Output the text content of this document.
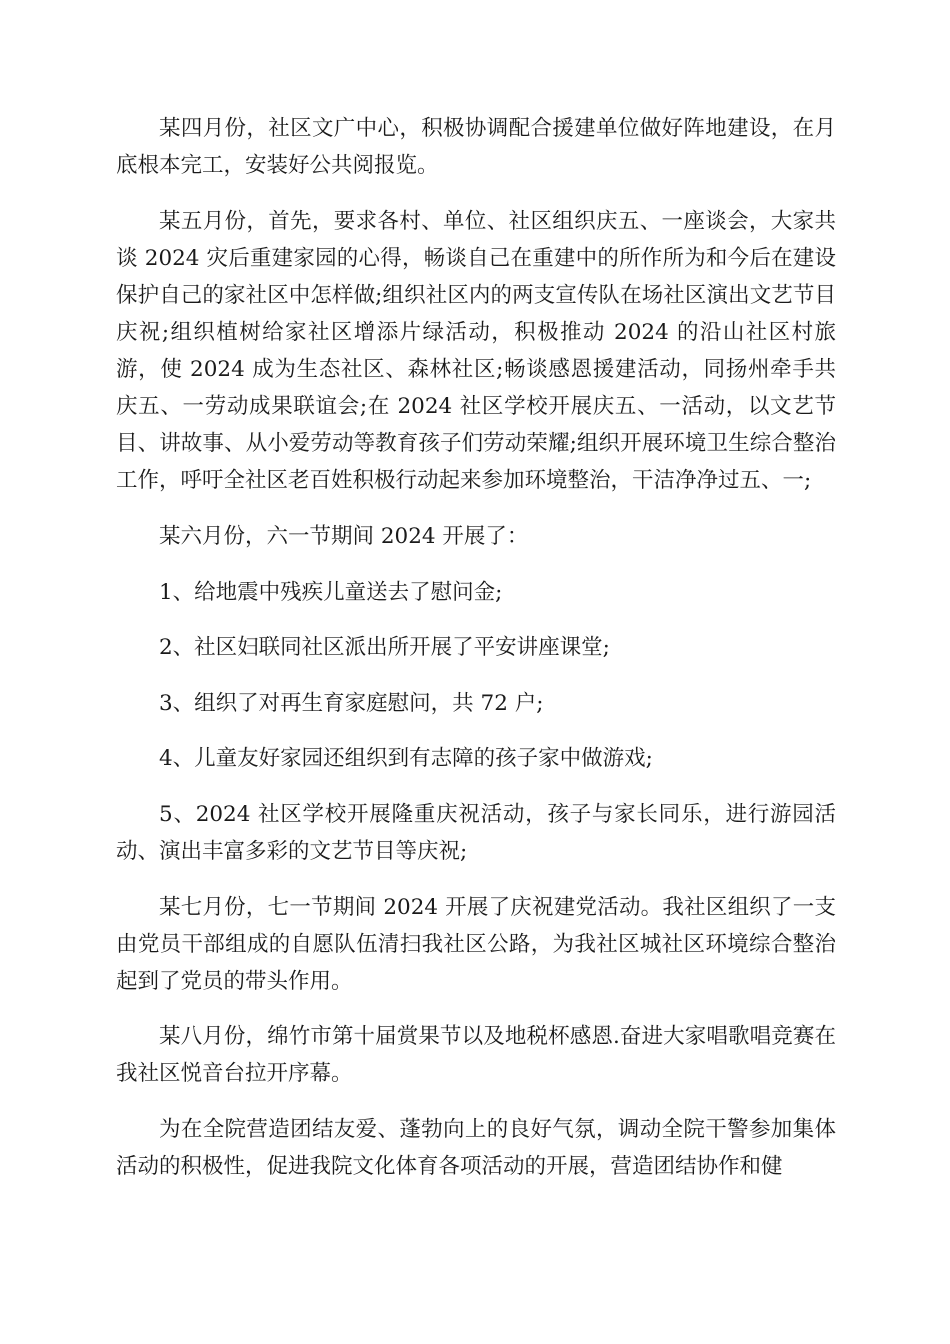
某四月份，社区文广中心，积极协调配合援建单位做好阵地建设，在月底根本完工，安装好公共阅报览。

某五月份，首先，要求各村、单位、社区组织庆五、一座谈会，大家共谈 2024 灾后重建家园的心得，畅谈自己在重建中的所作所为和今后在建设保护自己的家社区中怎样做;组织社区内的两支宣传队在场社区演出文艺节目庆祝;组织植树给家社区增添片绿活动，积极推动 2024 的沿山社区村旅游，使 2024 成为生态社区、森林社区;畅谈感恩援建活动，同扬州牵手共庆五、一劳动成果联谊会;在 2024 社区学校开展庆五、一活动，以文艺节目、讲故事、从小爱劳动等教育孩子们劳动荣耀;组织开展环境卫生综合整治工作，呼吁全社区老百姓积极行动起来参加环境整治，干洁净净过五、一;

某六月份，六一节期间 2024 开展了：

1、给地震中残疾儿童送去了慰问金;

2、社区妇联同社区派出所开展了平安讲座课堂;

3、组织了对再生育家庭慰问，共 72 户;

4、儿童友好家园还组织到有志障的孩子家中做游戏;

5、2024 社区学校开展隆重庆祝活动，孩子与家长同乐，进行游园活动、演出丰富多彩的文艺节目等庆祝;

某七月份，七一节期间 2024 开展了庆祝建党活动。我社区组织了一支由党员干部组成的自愿队伍清扫我社区公路，为我社区城社区环境综合整治起到了党员的带头作用。

某八月份，绵竹市第十届赏果节以及地税杯感恩.奋进大家唱歌唱竞赛在我社区悦音台拉开序幕。

为在全院营造团结友爱、蓬勃向上的良好气氛，调动全院干警参加集体活动的积极性，促进我院文化体育各项活动的开展，营造团结协作和健
